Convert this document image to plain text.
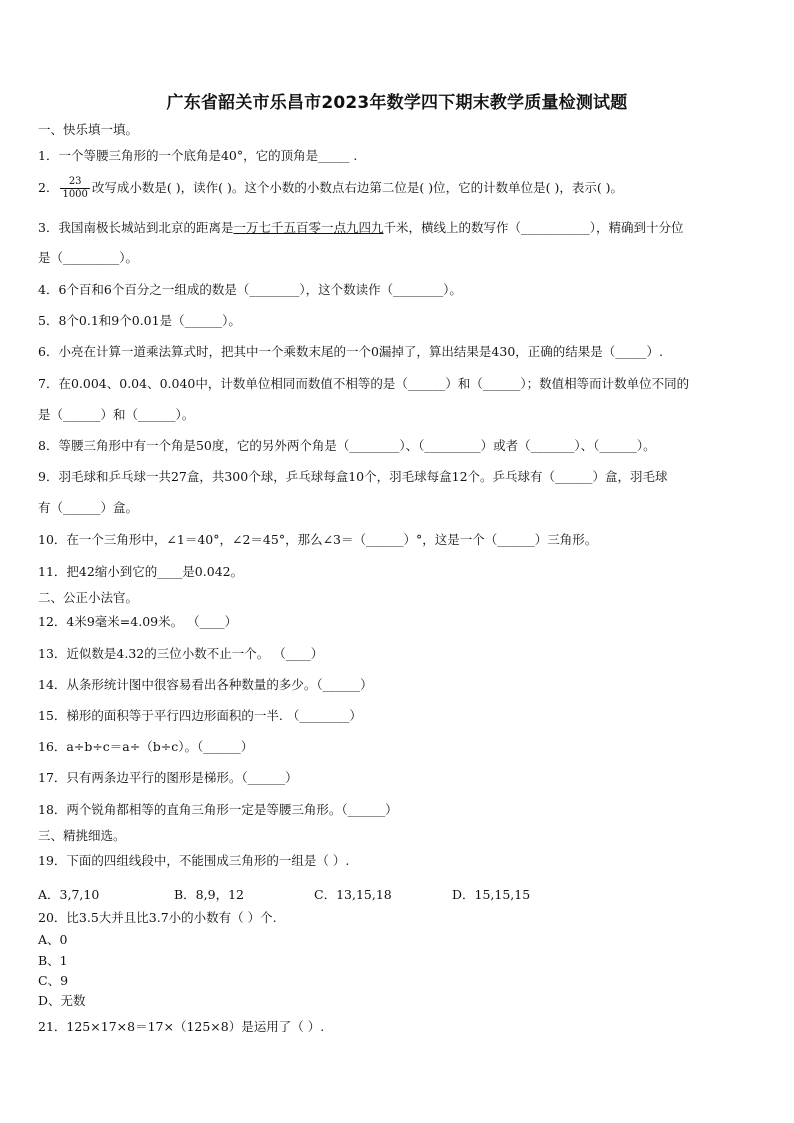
广东省韶关市乐昌市2023年数学四下期末教学质量检测试题
一、快乐填一填。
1．一个等腰三角形的一个底角是40°，它的顶角是_____ .
2． $\frac{23}{1000}$ 改写成小数是( )，读作( )。这个小数的小数点右边第二位是( )位，它的计数单位是( )，表示( )。
3．我国南极长城站到北京的距离是一万七千五百零一点九四九千米，横线上的数写作（___________），精确到十分位
是（_________）。
4．6个百和6个百分之一组成的数是（________），这个数读作（________）。
5．8个0.1和9个0.01是（______）。
6．小亮在计算一道乘法算式时，把其中一个乘数末尾的一个0漏掉了，算出结果是430，正确的结果是（_____）.
7．在0.004、0.04、0.040中，计数单位相同而数值不相等的是（______）和（______）；数值相等而计数单位不同的
是（______）和（______）。
8．等腰三角形中有一个角是50度，它的另外两个角是（________）、（_________）或者（_______）、（______）。
9．羽毛球和乒乓球一共27盒，共300个球，乒乓球每盒10个，羽毛球每盒12个。乒乓球有（______）盒，羽毛球
有（______）盒。
10．在一个三角形中，∠1＝40°，∠2＝45°，那么∠3＝（______）°，这是一个（______）三角形。
11．把42缩小到它的____是0.042。
二、公正小法官。
12．4米9毫米=4.09米。 （____）
13．近似数是4.32的三位小数不止一个。 （____）
14．从条形统计图中很容易看出各种数量的多少。（______）
15．梯形的面积等于平行四边形面积的一半. （________）
16．a÷b÷c＝a÷（b÷c）。（______）
17．只有两条边平行的图形是梯形。（______）
18．两个锐角都相等的直角三角形一定是等腰三角形。（______）
三、精挑细选。
19．下面的四组线段中，不能围成三角形的一组是（ ）.
A．3,7,10	B．8,9，12	C．13,15,18	D．15,15,15
20．比3.5大并且比3.7小的小数有（ ）个.
A、0
B、1
C、9
D、无数
21．125×17×8＝17×（125×8）是运用了（ ）.
